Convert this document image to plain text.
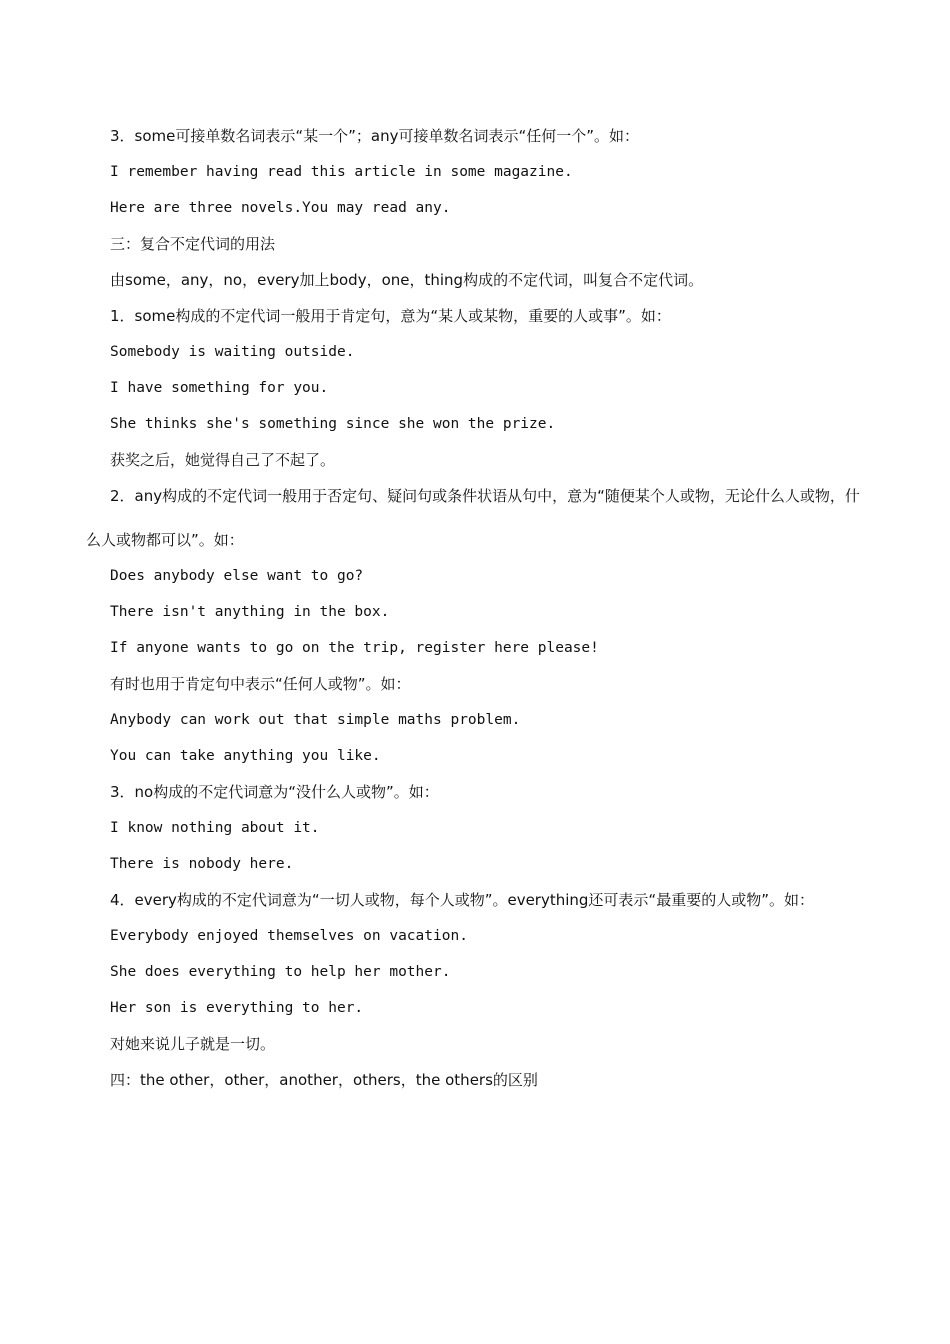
3．some可接单数名词表示“某一个”；any可接单数名词表示“任何一个”。如：
I remember having read this article in some magazine.
Here are three novels.You may read any.
三：复合不定代词的用法
由some，any，no，every加上body，one，thing构成的不定代词，叫复合不定代词。
1．some构成的不定代词一般用于肯定句，意为“某人或某物，重要的人或事”。如：
Somebody is waiting outside.
I have something for you.
She thinks she's something since she won the prize.
获奖之后，她觉得自己了不起了。
2．any构成的不定代词一般用于否定句、疑问句或条件状语从句中，意为“随便某个人或物，无论什么人或物，什么人或物都可以”。如：
Does anybody else want to go?
There isn't anything in the box.
If anyone wants to go on the trip, register here please!
有时也用于肯定句中表示“任何人或物”。如：
Anybody can work out that simple maths problem.
You can take anything you like.
3．no构成的不定代词意为“没什么人或物”。如：
I know nothing about it.
There is nobody here.
4．every构成的不定代词意为“一切人或物，每个人或物”。everything还可表示“最重要的人或物”。如：
Everybody enjoyed themselves on vacation.
She does everything to help her mother.
Her son is everything to her.
对她来说儿子就是一切。
四：the other，other，another，others，the others的区别
